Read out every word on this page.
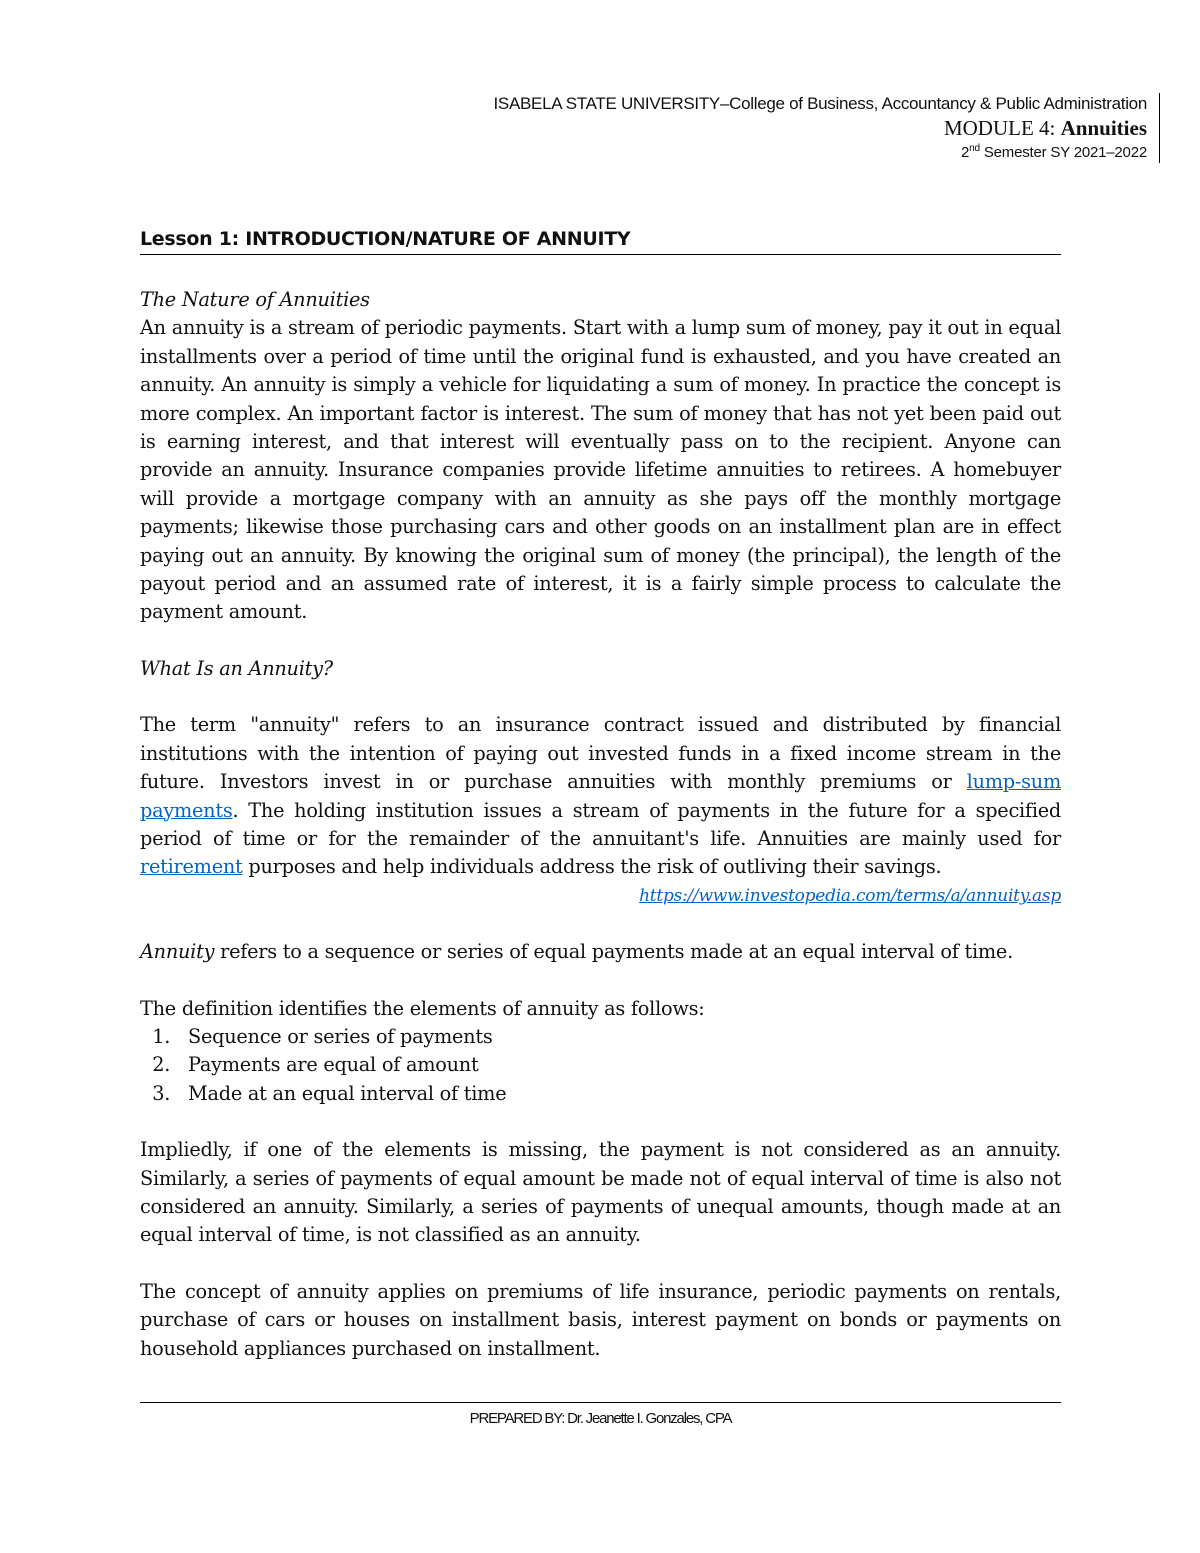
ISABELA STATE UNIVERSITY–College of Business, Accountancy & Public Administration
MODULE 4: Annuities
2nd Semester SY 2021–2022
Lesson 1: INTRODUCTION/NATURE OF ANNUITY

The Nature of Annuities

An annuity is a stream of periodic payments. Start with a lump sum of money, pay it out in equal installments over a period of time until the original fund is exhausted, and you have created an annuity. An annuity is simply a vehicle for liquidating a sum of money. In practice the concept is more complex. An important factor is interest. The sum of money that has not yet been paid out is earning interest, and that interest will eventually pass on to the recipient. Anyone can provide an annuity. Insurance companies provide lifetime annuities to retirees. A homebuyer will provide a mortgage company with an annuity as she pays off the monthly mortgage payments; likewise those purchasing cars and other goods on an installment plan are in effect paying out an annuity. By knowing the original sum of money (the principal), the length of the payout period and an assumed rate of interest, it is a fairly simple process to calculate the payment amount.

What Is an Annuity?

The term "annuity" refers to an insurance contract issued and distributed by financial institutions with the intention of paying out invested funds in a fixed income stream in the future. Investors invest in or purchase annuities with monthly premiums or lump-sum payments. The holding institution issues a stream of payments in the future for a specified period of time or for the remainder of the annuitant's life. Annuities are mainly used for retirement purposes and help individuals address the risk of outliving their savings.

https://www.investopedia.com/terms/a/annuity.asp

Annuity refers to a sequence or series of equal payments made at an equal interval of time.

The definition identifies the elements of annuity as follows:

1. Sequence or series of payments
2. Payments are equal of amount
3. Made at an equal interval of time

Impliedly, if one of the elements is missing, the payment is not considered as an annuity. Similarly, a series of payments of equal amount be made not of equal interval of time is also not considered an annuity. Similarly, a series of payments of unequal amounts, though made at an equal interval of time, is not classified as an annuity.

The concept of annuity applies on premiums of life insurance, periodic payments on rentals, purchase of cars or houses on installment basis, interest payment on bonds or payments on household appliances purchased on installment.

PREPARED BY: Dr. Jeanette I. Gonzales, CPA
